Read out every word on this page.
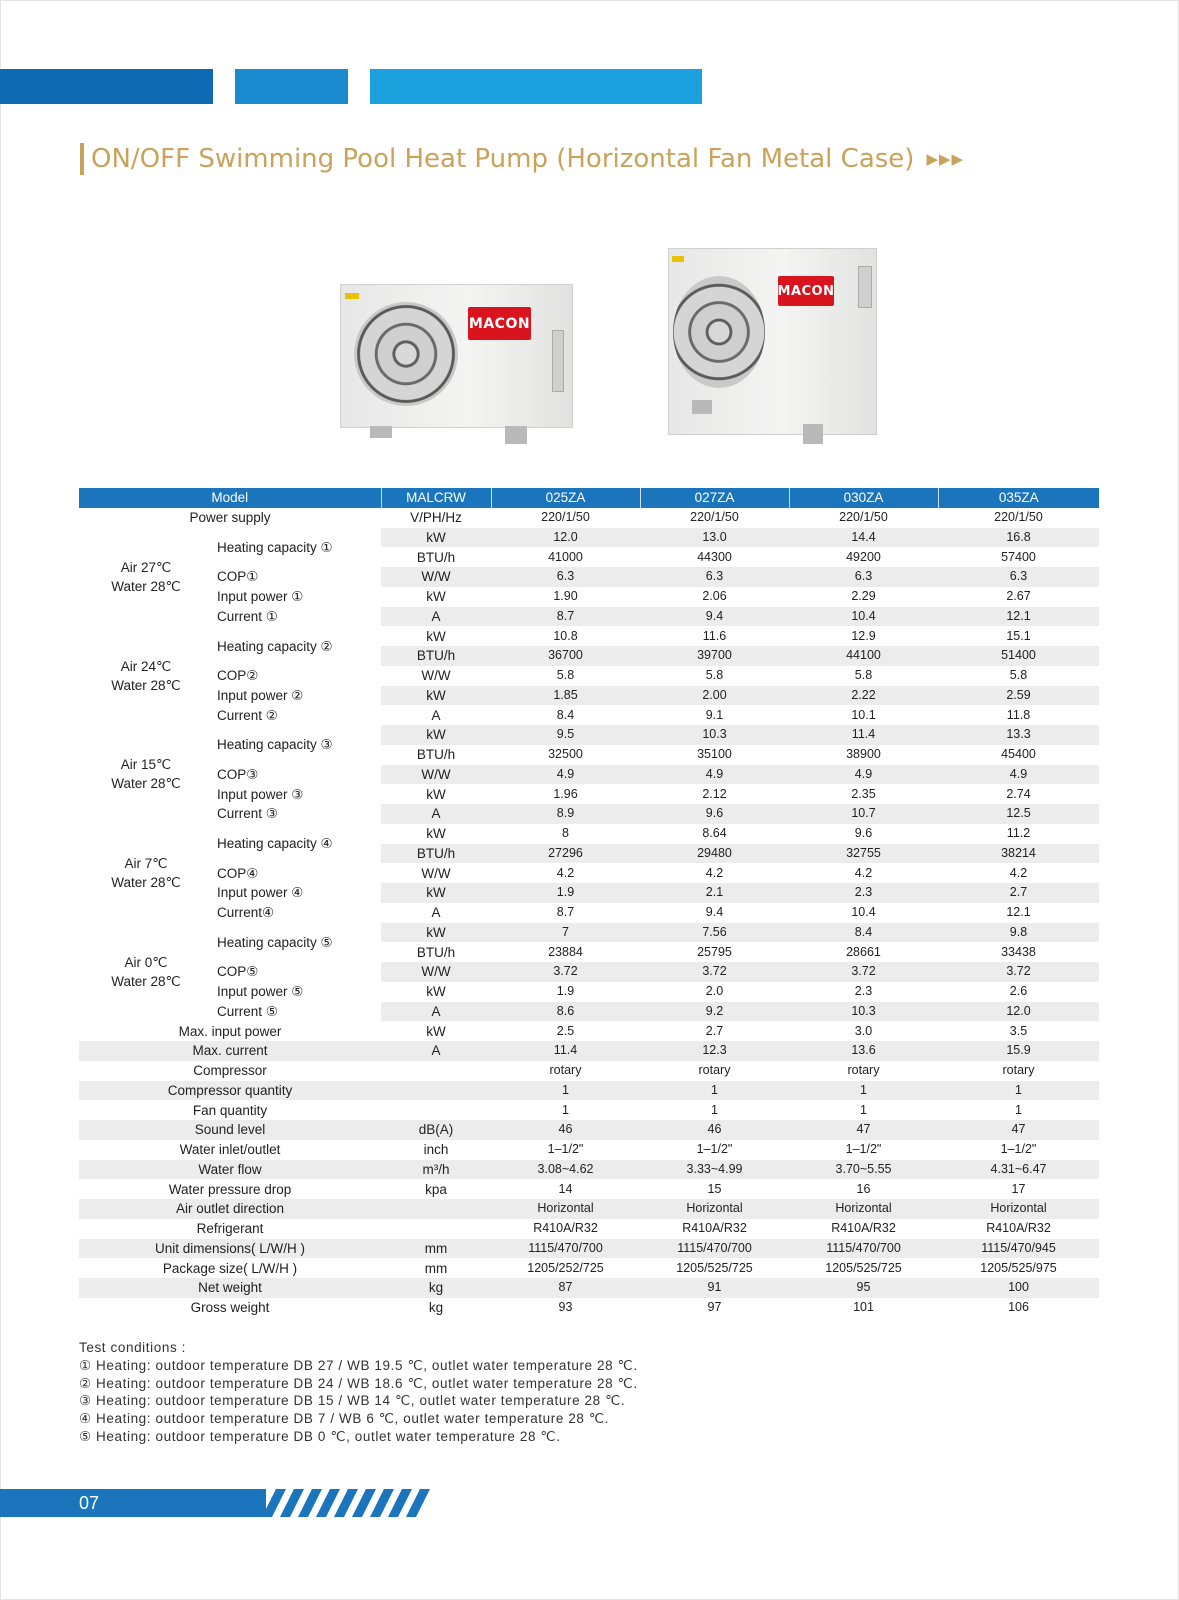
ON/OFF Swimming Pool Heat Pump (Horizontal Fan Metal Case) ▶▶▶
MACON
MACON
Model		MALCRW	025ZA	027ZA	030ZA	035ZA
Power supply		V/PH/Hz	220/1/50	220/1/50	220/1/50	220/1/50

Air 27℃
Water 28℃	Heating capacity ①	kW	12.0	13.0	14.4	16.8
		BTU/h	41000	44300	49200	57400
	COP①	W/W	6.3	6.3	6.3	6.3
	Input power ①	kW	1.90	2.06	2.29	2.67
	Current ①	A	8.7	9.4	10.4	12.1

Air 24℃
Water 28℃	Heating capacity ②	kW	10.8	11.6	12.9	15.1
		BTU/h	36700	39700	44100	51400
	COP②	W/W	5.8	5.8	5.8	5.8
	Input power ②	kW	1.85	2.00	2.22	2.59
	Current ②	A	8.4	9.1	10.1	11.8

Air 15℃
Water 28℃	Heating capacity ③	kW	9.5	10.3	11.4	13.3
		BTU/h	32500	35100	38900	45400
	COP③	W/W	4.9	4.9	4.9	4.9
	Input power ③	kW	1.96	2.12	2.35	2.74
	Current ③	A	8.9	9.6	10.7	12.5

Air 7℃
Water 28℃	Heating capacity ④	kW	8	8.64	9.6	11.2
		BTU/h	27296	29480	32755	38214
	COP④	W/W	4.2	4.2	4.2	4.2
	Input power ④	kW	1.9	2.1	2.3	2.7
	Current④	A	8.7	9.4	10.4	12.1

Air 0℃
Water 28℃	Heating capacity ⑤	kW	7	7.56	8.4	9.8
		BTU/h	23884	25795	28661	33438
	COP⑤	W/W	3.72	3.72	3.72	3.72
	Input power ⑤	kW	1.9	2.0	2.3	2.6
	Current ⑤	A	8.6	9.2	10.3	12.0
Max. input power		kW	2.5	2.7	3.0	3.5
Max. current		A	11.4	12.3	13.6	15.9
Compressor			rotary	rotary	rotary	rotary
Compressor quantity			1	1	1	1
Fan quantity			1	1	1	1
Sound level		dB(A)	46	46	47	47
Water inlet/outlet		inch	1–1/2"	1–1/2"	1–1/2"	1–1/2"
Water flow		m³/h	3.08~4.62	3.33~4.99	3.70~5.55	4.31~6.47
Water pressure drop		kpa	14	15	16	17
Air outlet direction			Horizontal	Horizontal	Horizontal	Horizontal
Refrigerant			R410A/R32	R410A/R32	R410A/R32	R410A/R32
Unit dimensions( L/W/H )		mm	1115/470/700	1115/470/700	1115/470/700	1115/470/945
Package size( L/W/H )		mm	1205/252/725	1205/525/725	1205/525/725	1205/525/975
Net weight		kg	87	91	95	100
Gross weight		kg	93	97	101	106
Test conditions :
① Heating: outdoor temperature DB 27 / WB 19.5 ℃, outlet water temperature 28 ℃.
② Heating: outdoor temperature DB 24 / WB 18.6 ℃, outlet water temperature 28 ℃.
③ Heating: outdoor temperature DB 15 / WB 14 ℃, outlet water temperature 28 ℃.
④ Heating: outdoor temperature DB 7 / WB 6 ℃, outlet water temperature 28 ℃.
⑤ Heating: outdoor temperature DB 0 ℃, outlet water temperature 28 ℃.
07
